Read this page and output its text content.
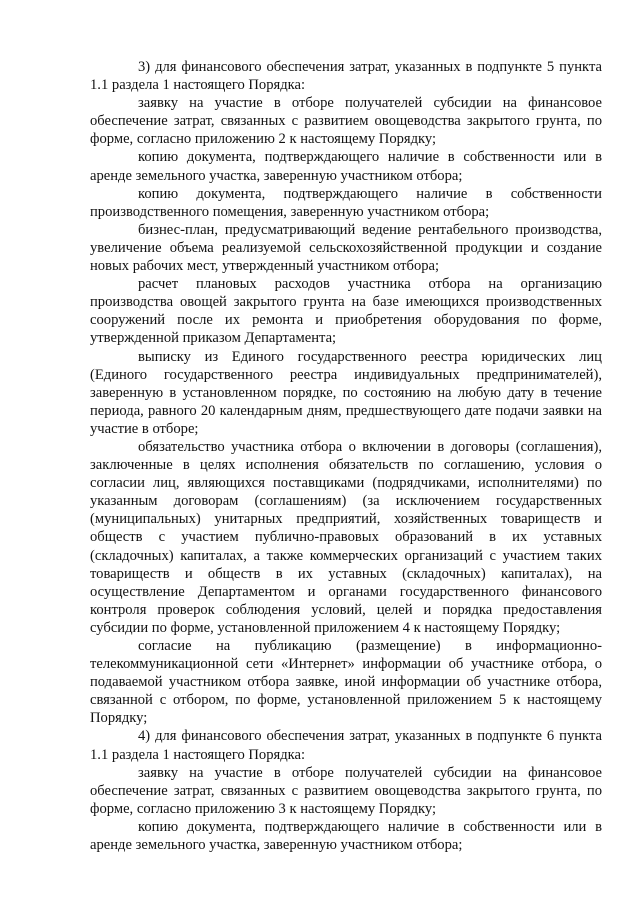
3) для финансового обеспечения затрат, указанных в подпункте 5 пункта 1.1 раздела 1 настоящего Порядка:

заявку на участие в отборе получателей субсидии на финансовое обеспечение затрат, связанных с развитием овощеводства закрытого грунта, по форме, согласно приложению 2 к настоящему Порядку;

копию документа, подтверждающего наличие в собственности или в аренде земельного участка, заверенную участником отбора;

копию документа, подтверждающего наличие в собственности производственного помещения, заверенную участником отбора;

бизнес-план, предусматривающий ведение рентабельного производства, увеличение объема реализуемой сельскохозяйственной продукции и создание новых рабочих мест, утвержденный участником отбора;

расчет плановых расходов участника отбора на организацию производства овощей закрытого грунта на базе имеющихся производственных сооружений после их ремонта и приобретения оборудования по форме, утвержденной приказом Департамента;

выписку из Единого государственного реестра юридических лиц (Единого государственного реестра индивидуальных предпринимателей), заверенную в установленном порядке, по состоянию на любую дату в течение периода, равного 20 календарным дням, предшествующего дате подачи заявки на участие в отборе;

обязательство участника отбора о включении в договоры (соглашения), заключенные в целях исполнения обязательств по соглашению, условия о согласии лиц, являющихся поставщиками (подрядчиками, исполнителями) по указанным договорам (соглашениям) (за исключением государственных (муниципальных) унитарных предприятий, хозяйственных товариществ и обществ с участием публично-правовых образований в их уставных (складочных) капиталах, а также коммерческих организаций с участием таких товариществ и обществ в их уставных (складочных) капиталах), на осуществление Департаментом и органами государственного финансового контроля проверок соблюдения условий, целей и порядка предоставления субсидии по форме, установленной приложением 4 к настоящему Порядку;

согласие на публикацию (размещение) в информационно-телекоммуникационной сети «Интернет» информации об участнике отбора, о подаваемой участником отбора заявке, иной информации об участнике отбора, связанной с отбором, по форме, установленной приложением 5 к настоящему Порядку;

4) для финансового обеспечения затрат, указанных в подпункте 6 пункта 1.1 раздела 1 настоящего Порядка:

заявку на участие в отборе получателей субсидии на финансовое обеспечение затрат, связанных с развитием овощеводства закрытого грунта, по форме, согласно приложению 3 к настоящему Порядку;

копию документа, подтверждающего наличие в собственности или в аренде земельного участка, заверенную участником отбора;
